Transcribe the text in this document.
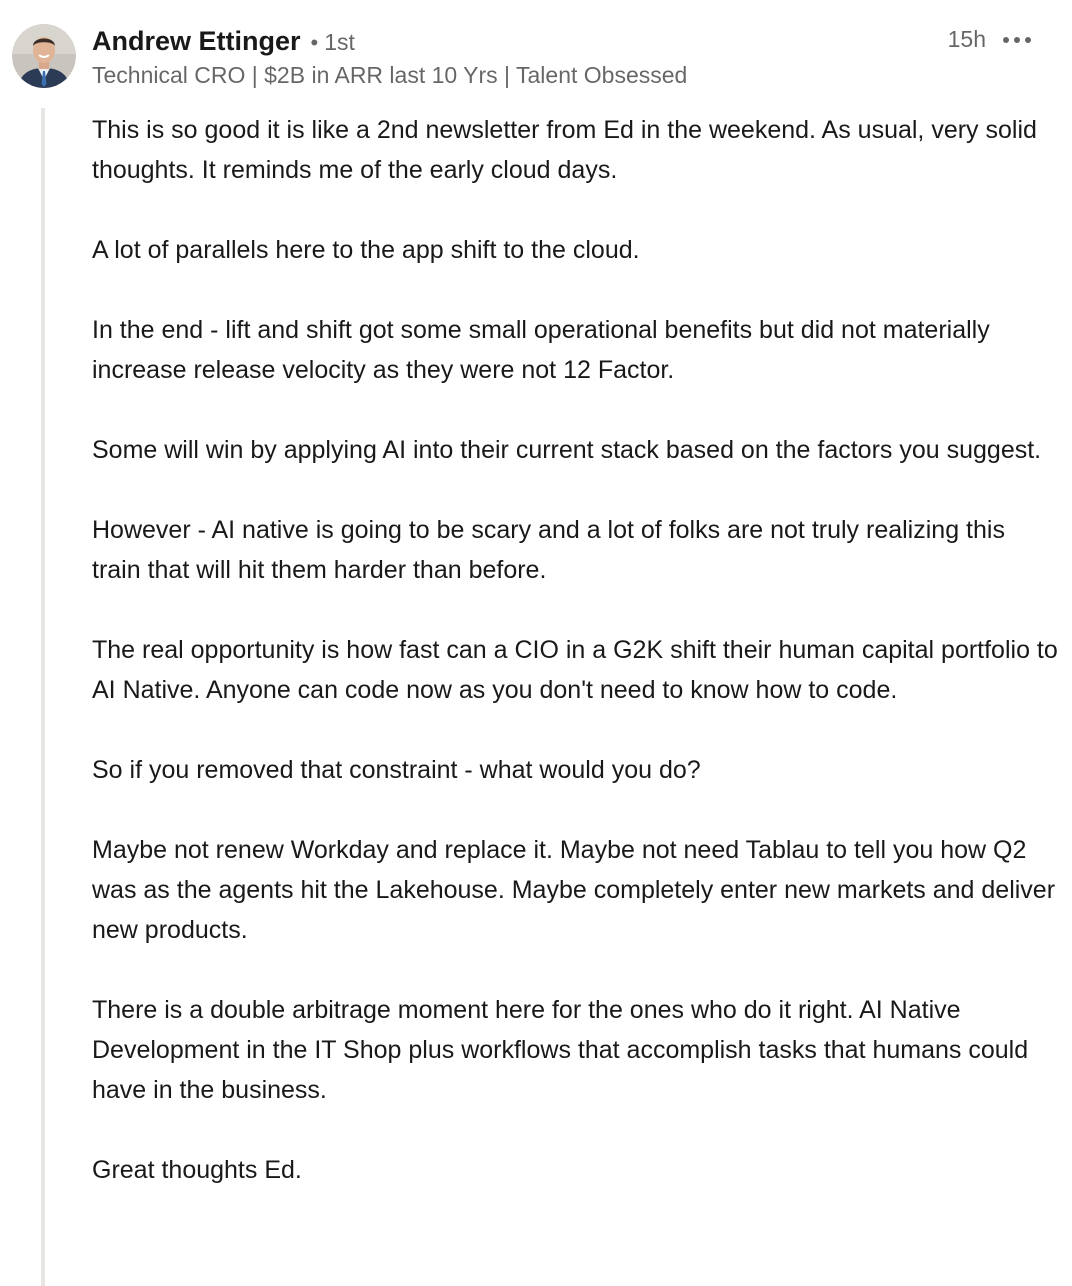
Andrew Ettinger • 1st
Technical CRO | $2B in ARR last 10 Yrs | Talent Obsessed
15h

This is so good it is like a 2nd newsletter from Ed in the weekend. As usual, very solid thoughts. It reminds me of the early cloud days.

A lot of parallels here to the app shift to the cloud.

In the end - lift and shift got some small operational benefits but did not materially increase release velocity as they were not 12 Factor.

Some will win by applying AI into their current stack based on the factors you suggest.

However - AI native is going to be scary and a lot of folks are not truly realizing this train that will hit them harder than before.

The real opportunity is how fast can a CIO in a G2K shift their human capital portfolio to AI Native. Anyone can code now as you don't need to know how to code.

So if you removed that constraint - what would you do?

Maybe not renew Workday and replace it. Maybe not need Tablau to tell you how Q2 was as the agents hit the Lakehouse. Maybe completely enter new markets and deliver new products.

There is a double arbitrage moment here for the ones who do it right. AI Native Development in the IT Shop plus workflows that accomplish tasks that humans could have in the business.

Great thoughts Ed.
